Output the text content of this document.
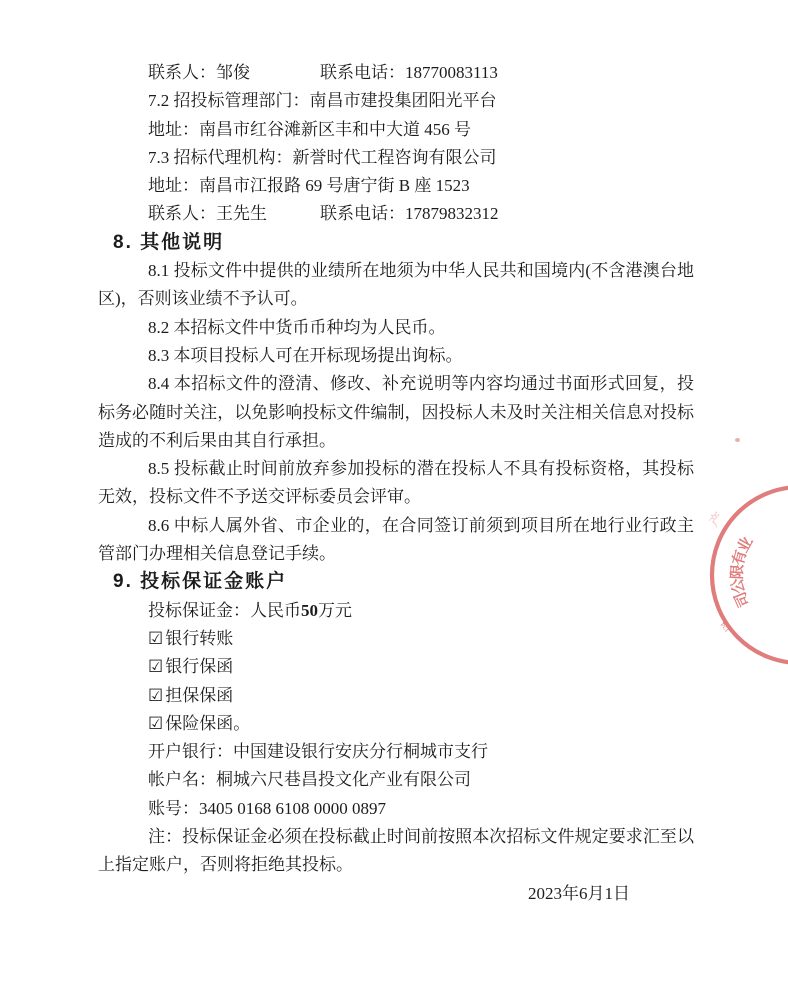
联系人：邹俊	联系电话：18770083113

7.2 招投标管理部门：南昌市建投集团阳光平台

地址：南昌市红谷滩新区丰和中大道 456 号

7.3 招标代理机构：新誉时代工程咨询有限公司

地址：南昌市江报路 69 号唐宁街 B 座 1523

联系人：王先生	联系电话：17879832312

8. 其他说明

8.1 投标文件中提供的业绩所在地须为中华人民共和国境内(不含港澳台地区)，否则该业绩不予认可。

8.2 本招标文件中货币币种均为人民币。

8.3 本项目投标人可在开标现场提出询标。

8.4 本招标文件的澄清、修改、补充说明等内容均通过书面形式回复，投标务必随时关注，以免影响投标文件编制，因投标人未及时关注相关信息对投标造成的不利后果由其自行承担。

8.5 投标截止时间前放弃参加投标的潜在投标人不具有投标资格，其投标无效，投标文件不予送交评标委员会评审。

8.6 中标人属外省、市企业的，在合同签订前须到项目所在地行业行政主管部门办理相关信息登记手续。

9. 投标保证金账户

投标保证金：人民币50万元

☑ 银行转账

☑ 银行保函

☑ 担保保函

☑ 保险保函。

开户银行：中国建设银行安庆分行桐城市支行

帐户名：桐城六尺巷昌投文化产业有限公司

账号：3405 0168 6108 0000 0897

注：投标保证金必须在投标截止时间前按照本次招标文件规定要求汇至以上指定账户，否则将拒绝其投标。

2023年6月1日

产
业
有
限
公
司
124.
